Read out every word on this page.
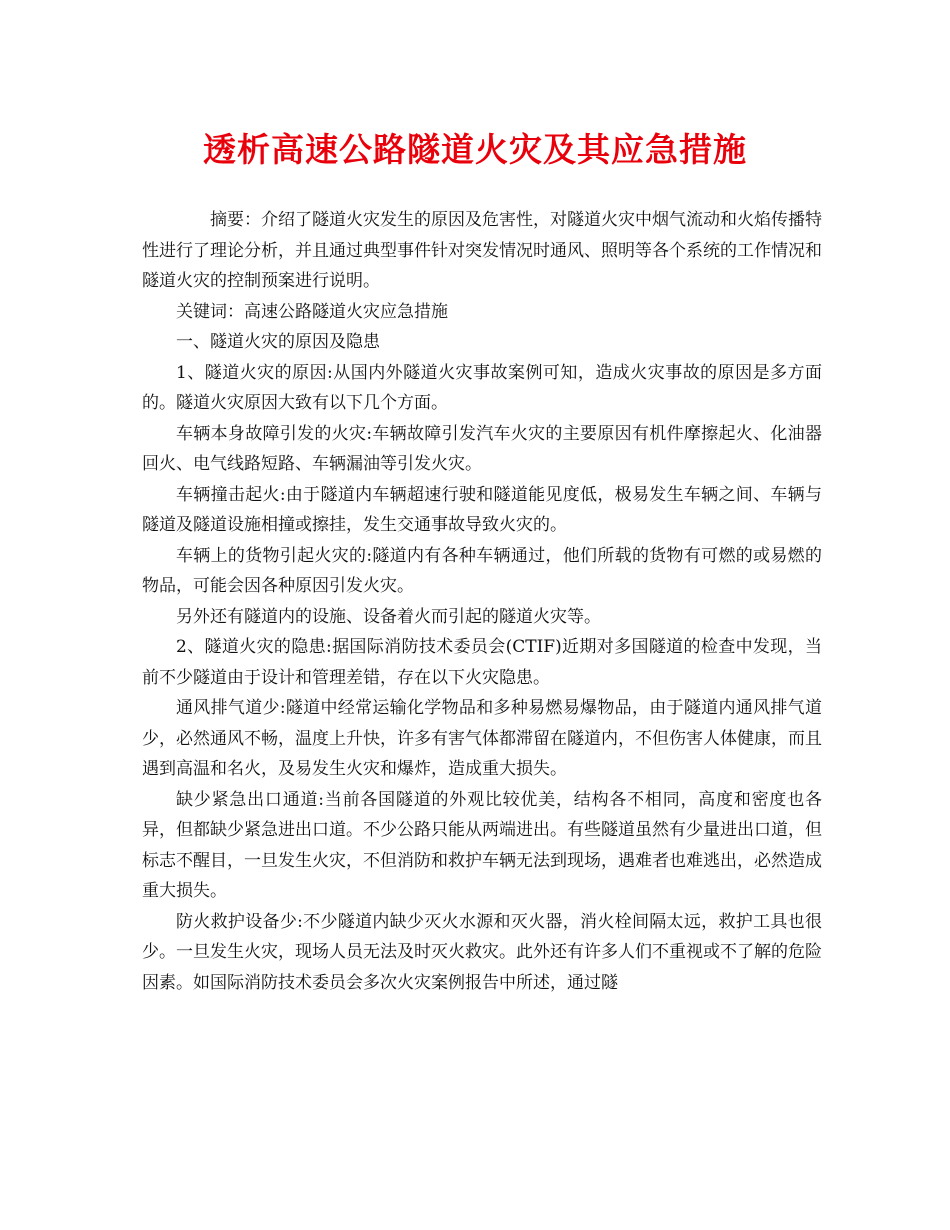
透析高速公路隧道火灾及其应急措施

摘要：介绍了隧道火灾发生的原因及危害性，对隧道火灾中烟气流动和火焰传播特性进行了理论分析，并且通过典型事件针对突发情况时通风、照明等各个系统的工作情况和隧道火灾的控制预案进行说明。

关键词：高速公路隧道火灾应急措施

一、隧道火灾的原因及隐患

1、隧道火灾的原因:从国内外隧道火灾事故案例可知，造成火灾事故的原因是多方面的。隧道火灾原因大致有以下几个方面。

车辆本身故障引发的火灾:车辆故障引发汽车火灾的主要原因有机件摩擦起火、化油器回火、电气线路短路、车辆漏油等引发火灾。

车辆撞击起火:由于隧道内车辆超速行驶和隧道能见度低，极易发生车辆之间、车辆与隧道及隧道设施相撞或擦挂，发生交通事故导致火灾的。

车辆上的货物引起火灾的:隧道内有各种车辆通过，他们所载的货物有可燃的或易燃的物品，可能会因各种原因引发火灾。

另外还有隧道内的设施、设备着火而引起的隧道火灾等。

2、隧道火灾的隐患:据国际消防技术委员会(CTIF)近期对多国隧道的检查中发现，当前不少隧道由于设计和管理差错，存在以下火灾隐患。

通风排气道少:隧道中经常运输化学物品和多种易燃易爆物品，由于隧道内通风排气道少，必然通风不畅，温度上升快，许多有害气体都滞留在隧道内，不但伤害人体健康，而且遇到高温和名火，及易发生火灾和爆炸，造成重大损失。

缺少紧急出口通道:当前各国隧道的外观比较优美，结构各不相同，高度和密度也各异，但都缺少紧急进出口道。不少公路只能从两端进出。有些隧道虽然有少量进出口道，但标志不醒目，一旦发生火灾，不但消防和救护车辆无法到现场，遇难者也难逃出，必然造成重大损失。

防火救护设备少:不少隧道内缺少灭火水源和灭火器，消火栓间隔太远，救护工具也很少。一旦发生火灾，现场人员无法及时灭火救灾。此外还有许多人们不重视或不了解的危险因素。如国际消防技术委员会多次火灾案例报告中所述，通过隧
